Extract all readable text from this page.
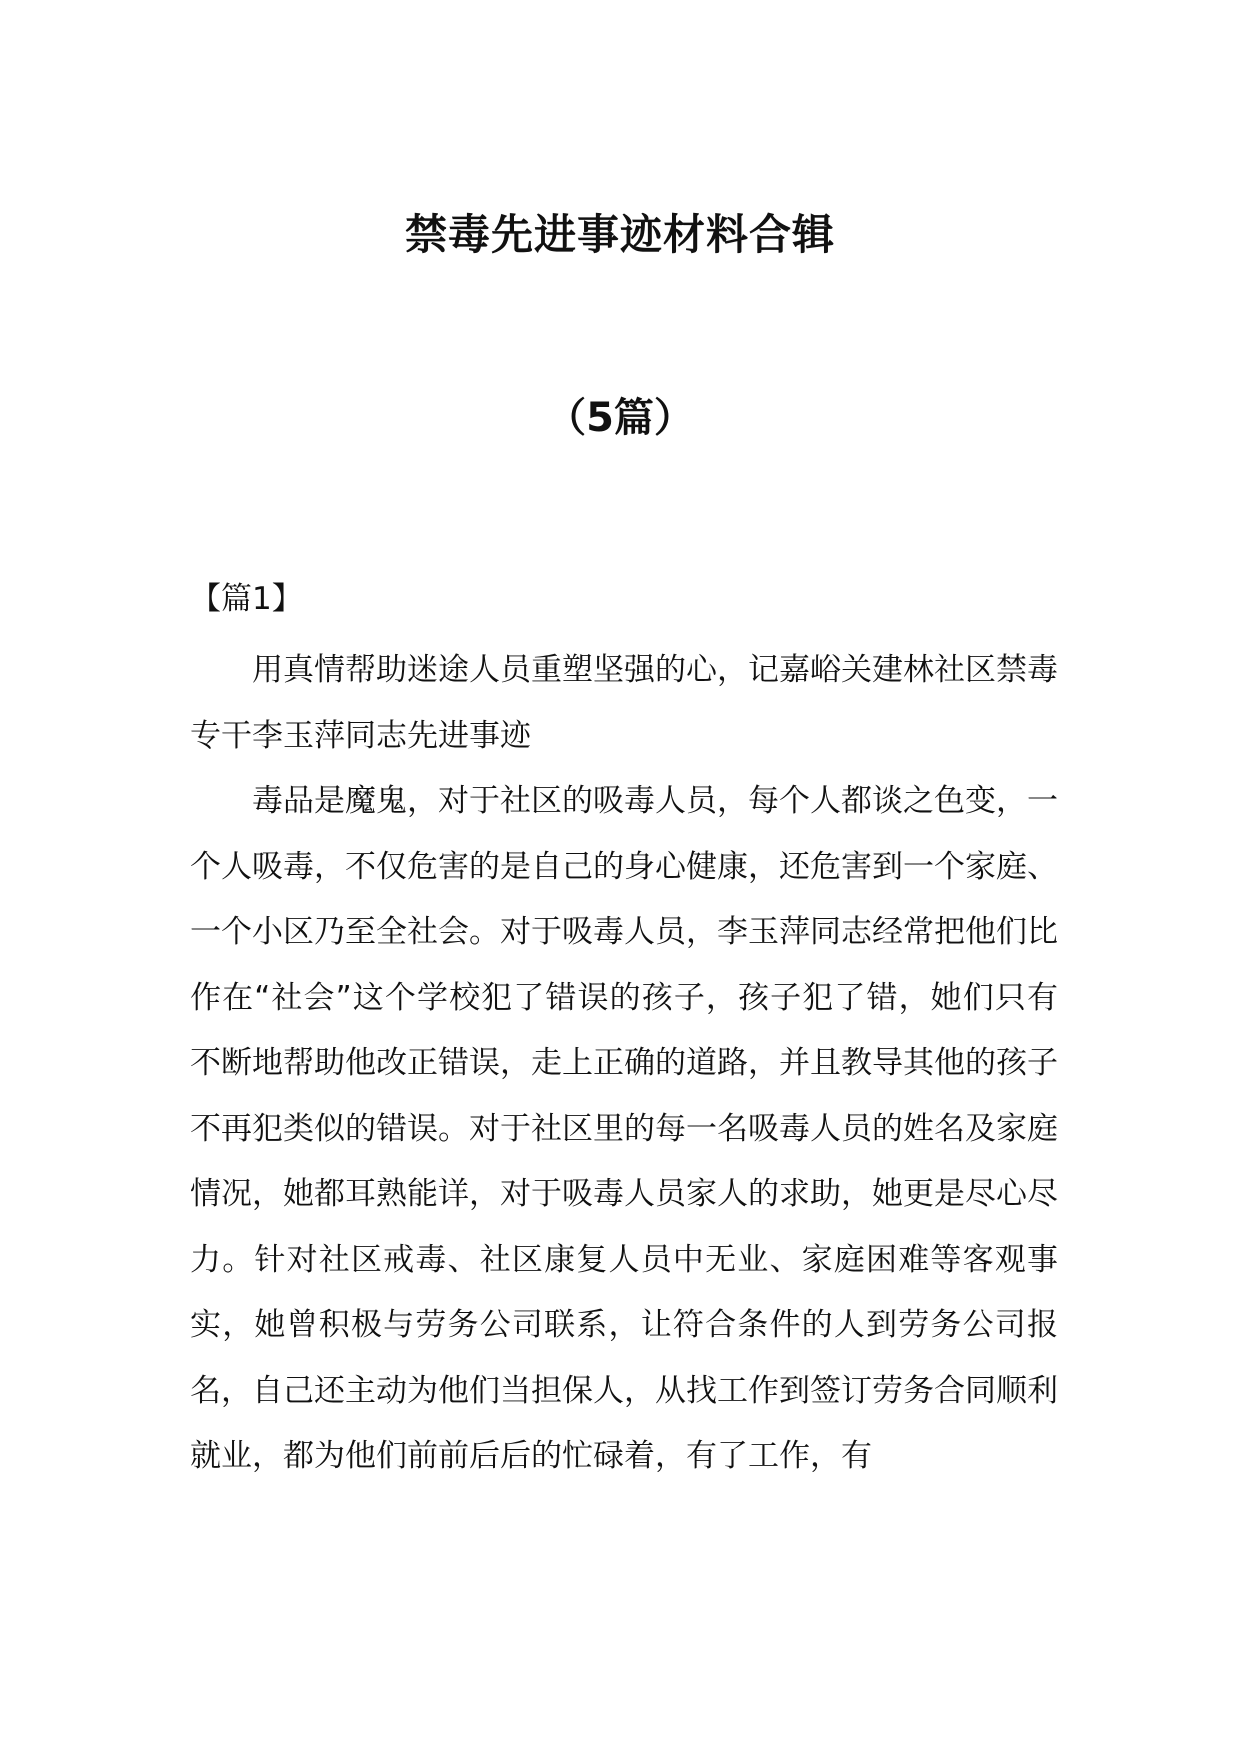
禁毒先进事迹材料合辑
（5篇）
【篇1】

用真情帮助迷途人员重塑坚强的心，记嘉峪关建林社区禁毒专干李玉萍同志先进事迹

毒品是魔鬼，对于社区的吸毒人员，每个人都谈之色变，一个人吸毒，不仅危害的是自己的身心健康，还危害到一个家庭、一个小区乃至全社会。对于吸毒人员，李玉萍同志经常把他们比作在“社会”这个学校犯了错误的孩子，孩子犯了错，她们只有不断地帮助他改正错误，走上正确的道路，并且教导其他的孩子不再犯类似的错误。对于社区里的每一名吸毒人员的姓名及家庭情况，她都耳熟能详，对于吸毒人员家人的求助，她更是尽心尽力。针对社区戒毒、社区康复人员中无业、家庭困难等客观事实，她曾积极与劳务公司联系，让符合条件的人到劳务公司报名，自己还主动为他们当担保人，从找工作到签订劳务合同顺利就业，都为他们前前后后的忙碌着，有了工作，有
